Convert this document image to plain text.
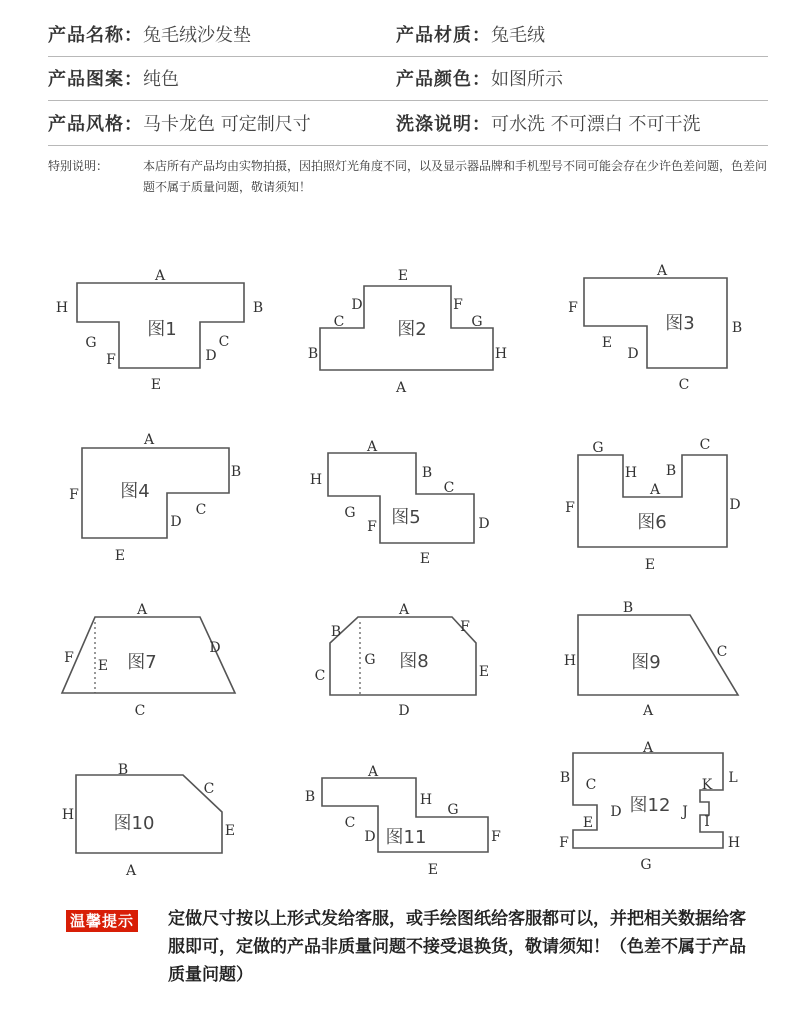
产品名称：兔毛绒沙发垫	产品材质：兔毛绒
产品图案：纯色	产品颜色：如图所示
产品风格：马卡龙色 可定制尺寸	洗涤说明：可水洗 不可漂白 不可干洗
特别说明：	本店所有产品均由实物拍摄，因拍照灯光角度不同，以及显示器品牌和手机型号不同可能会存在少许色差问题，色差问题不属于质量问题，敬请须知！
A
B
C
D
E
F
G
H
E
D	F
C	G
B	H
A
A
F
B
E
D
C
A
B
F
C
D
E
A
H	B
C
G
F	D
E
G	C
H B
A
F	D
E
A
F E
D
C
B
A
F
C
G
E
D
B
C
H
A
B
C
H
E
A
A
B	H
G
C
D	F
E
A
B C	K L
E
D	J
I
F	H
G
图1	图2	图3
图4
图5	图6
图7	图8	图9
图10
图11
图12
温馨提示 定做尺寸按以上形式发给客服，或手绘图纸给客服都可以，并把相关数据给客服即可，定做的产品非质量问题不接受退换货，敬请须知！（色差不属于产品质量问题）
